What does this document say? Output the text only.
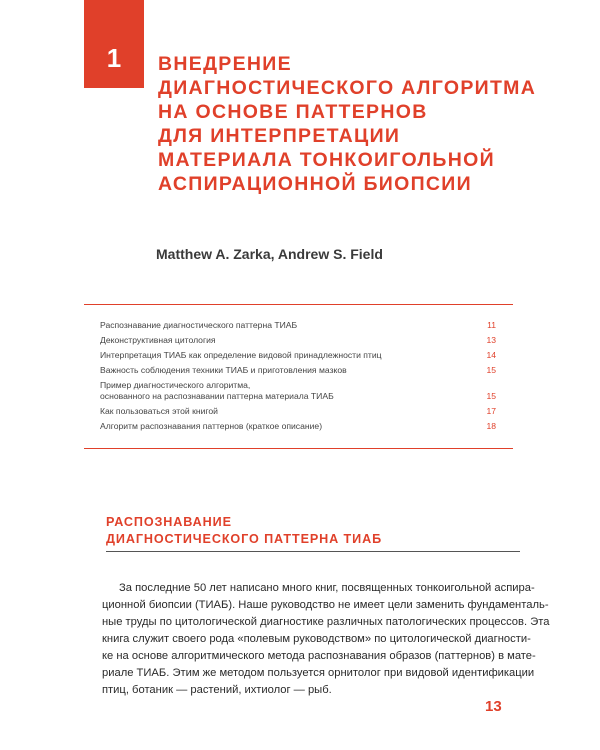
1 ВНЕДРЕНИЕ
ДИАГНОСТИЧЕСКОГО АЛГОРИТМА
НА ОСНОВЕ ПАТТЕРНОВ
ДЛЯ ИНТЕРПРЕТАЦИИ
МАТЕРИАЛА ТОНКОИГОЛЬНОЙ
АСПИРАЦИОННОЙ БИОПСИИ
Matthew A. Zarka, Andrew S. Field
Распознавание диагностического паттерна ТИАБ	11
Деконструктивная цитология	13
Интерпретация ТИАБ как определение видовой принадлежности птиц	14
Важность соблюдения техники ТИАБ и приготовления мазков	15
Пример диагностического алгоритма,
основанного на распознавании паттерна материала ТИАБ	15
Как пользоваться этой книгой	17
Алгоритм распознавания паттернов (краткое описание)	18
РАСПОЗНАВАНИЕ
ДИАГНОСТИЧЕСКОГО ПАТТЕРНА ТИАБ

За последние 50 лет написано много книг, посвященных тонкоигольной аспира-
ционной биопсии (ТИАБ). Наше руководство не имеет цели заменить фундаменталь-
ные труды по цитологической диагностике различных патологических процессов. Эта
книга служит своего рода «полевым руководством» по цитологической диагности-
ке на основе алгоритмического метода распознавания образов (паттернов) в мате-
риале ТИАБ. Этим же методом пользуется орнитолог при видовой идентификации
птиц, ботаник — растений, ихтиолог — рыб.

13
